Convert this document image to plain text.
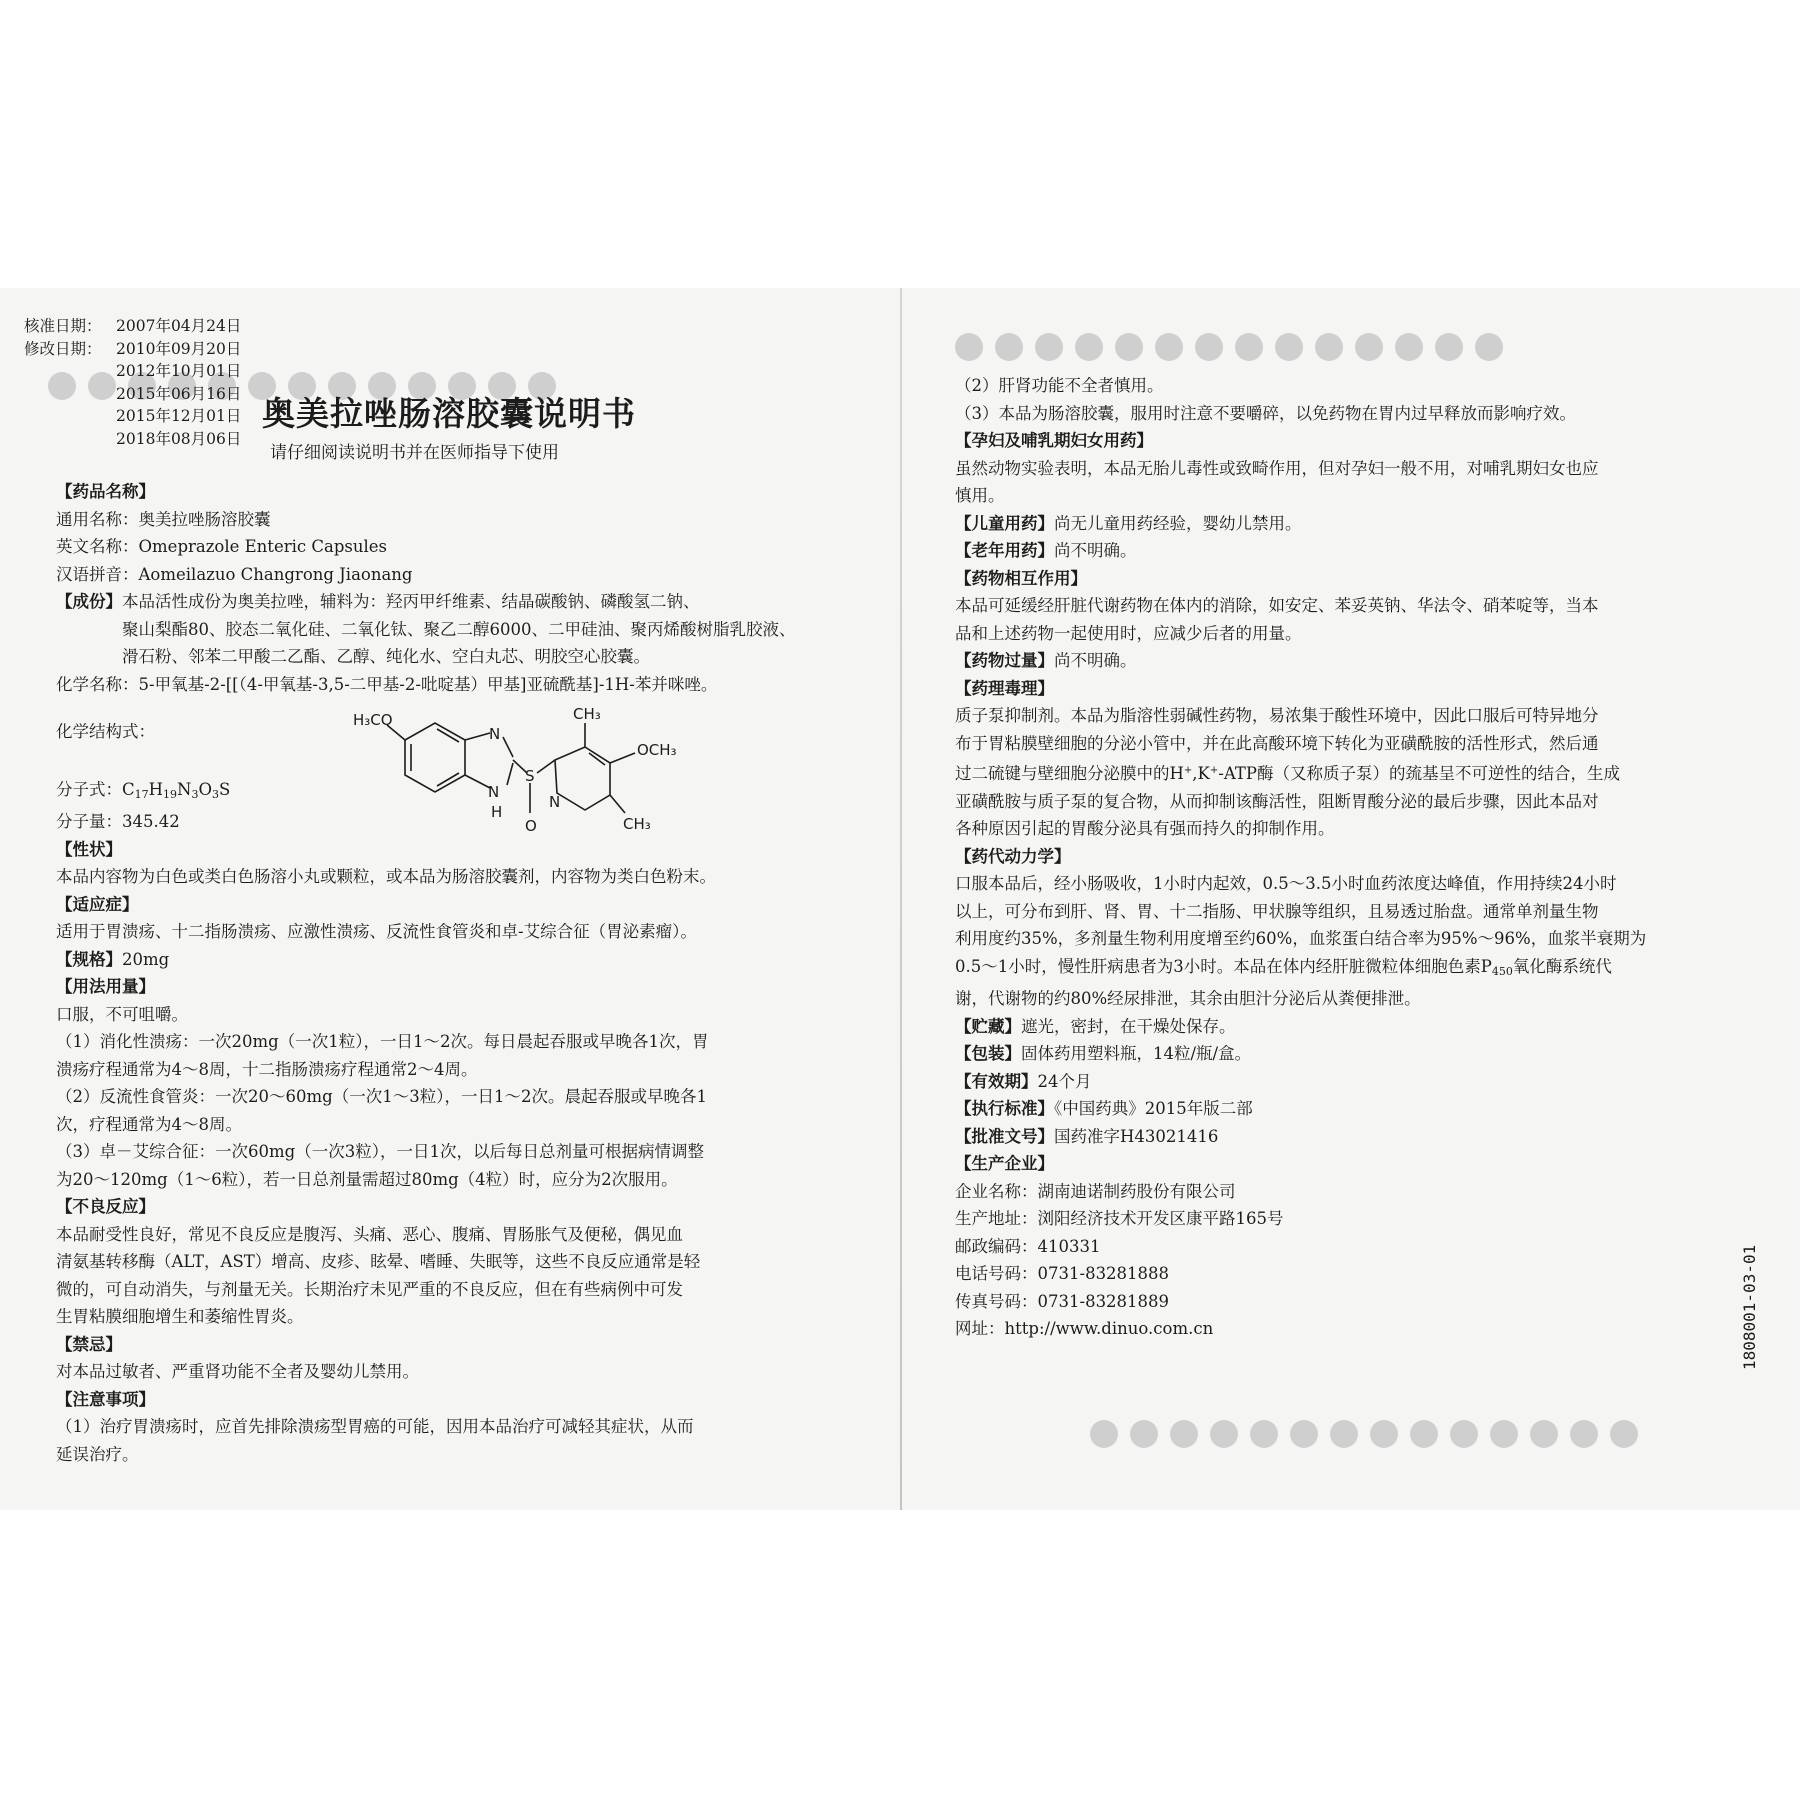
核准日期： 2007年04月24日
修改日期： 2010年09月20日
2012年10月01日
2015年06月16日
2015年12月01日
2018年08月06日
奥美拉唑肠溶胶囊说明书
请仔细阅读说明书并在医师指导下使用

【药品名称】

通用名称：奥美拉唑肠溶胶囊

英文名称：Omeprazole Enteric Capsules

汉语拼音：Aomeilazuo Changrong Jiaonang

【成份】本品活性成份为奥美拉唑，辅料为：羟丙甲纤维素、结晶碳酸钠、磷酸氢二钠、

聚山梨酯80、胶态二氧化硅、二氧化钛、聚乙二醇6000、二甲硅油、聚丙烯酸树脂乳胶液、

滑石粉、邻苯二甲酸二乙酯、乙醇、纯化水、空白丸芯、明胶空心胶囊。

化学名称：5-甲氧基-2-[[（4-甲氧基-3,5-二甲基-2-吡啶基）甲基]亚硫酰基]-1H-苯并咪唑。

化学结构式：

分子式：$C_{17}H_{19}N_3O_3S$

分子量：345.42

【性状】

本品内容物为白色或类白色肠溶小丸或颗粒，或本品为肠溶胶囊剂，内容物为类白色粉末。

【适应症】

适用于胃溃疡、十二指肠溃疡、应激性溃疡、反流性食管炎和卓-艾综合征（胃泌素瘤）。

【规格】20mg

【用法用量】

口服，不可咀嚼。

（1）消化性溃疡：一次20mg（一次1粒），一日1～2次。每日晨起吞服或早晚各1次，胃

溃疡疗程通常为4～8周，十二指肠溃疡疗程通常2～4周。

（2）反流性食管炎：一次20～60mg（一次1～3粒），一日1～2次。晨起吞服或早晚各1

次，疗程通常为4～8周。

（3）卓－艾综合征：一次60mg（一次3粒），一日1次，以后每日总剂量可根据病情调整

为20～120mg（1～6粒），若一日总剂量需超过80mg（4粒）时，应分为2次服用。

【不良反应】

本品耐受性良好，常见不良反应是腹泻、头痛、恶心、腹痛、胃肠胀气及便秘，偶见血

清氨基转移酶（ALT，AST）增高、皮疹、眩晕、嗜睡、失眠等，这些不良反应通常是轻

微的，可自动消失，与剂量无关。长期治疗未见严重的不良反应，但在有些病例中可发

生胃粘膜细胞增生和萎缩性胃炎。

【禁忌】

对本品过敏者、严重肾功能不全者及婴幼儿禁用。

【注意事项】

（1）治疗胃溃疡时，应首先排除溃疡型胃癌的可能，因用本品治疗可减轻其症状，从而

延误治疗。

H₃CO
N
N
H
S
O
CH₃
OCH₃
CH₃
N

（2）肝肾功能不全者慎用。

（3）本品为肠溶胶囊，服用时注意不要嚼碎，以免药物在胃内过早释放而影响疗效。

【孕妇及哺乳期妇女用药】

虽然动物实验表明，本品无胎儿毒性或致畸作用，但对孕妇一般不用，对哺乳期妇女也应

慎用。

【儿童用药】尚无儿童用药经验，婴幼儿禁用。

【老年用药】尚不明确。

【药物相互作用】

本品可延缓经肝脏代谢药物在体内的消除，如安定、苯妥英钠、华法令、硝苯啶等，当本

品和上述药物一起使用时，应减少后者的用量。

【药物过量】尚不明确。

【药理毒理】

质子泵抑制剂。本品为脂溶性弱碱性药物，易浓集于酸性环境中，因此口服后可特异地分

布于胃粘膜壁细胞的分泌小管中，并在此高酸环境下转化为亚磺酰胺的活性形式，然后通

过二硫键与壁细胞分泌膜中的H+,K+-ATP酶（又称质子泵）的巯基呈不可逆性的结合，生成

亚磺酰胺与质子泵的复合物，从而抑制该酶活性，阻断胃酸分泌的最后步骤，因此本品对

各种原因引起的胃酸分泌具有强而持久的抑制作用。

【药代动力学】

口服本品后，经小肠吸收，1小时内起效，0.5～3.5小时血药浓度达峰值，作用持续24小时

以上，可分布到肝、肾、胃、十二指肠、甲状腺等组织，且易透过胎盘。通常单剂量生物

利用度约35%，多剂量生物利用度增至约60%，血浆蛋白结合率为95%～96%，血浆半衰期为

0.5～1小时，慢性肝病患者为3小时。本品在体内经肝脏微粒体细胞色素$P_{450}$氧化酶系统代

谢，代谢物的约80%经尿排泄，其余由胆汁分泌后从粪便排泄。

【贮藏】遮光，密封，在干燥处保存。

【包装】固体药用塑料瓶，14粒/瓶/盒。

【有效期】24个月

【执行标准】《中国药典》2015年版二部

【批准文号】国药准字H43021416

【生产企业】

企业名称：湖南迪诺制药股份有限公司

生产地址：浏阳经济技术开发区康平路165号

邮政编码：410331

电话号码：0731-83281888

传真号码：0731-83281889

网址：http://www.dinuo.com.cn	1808001-03-01
